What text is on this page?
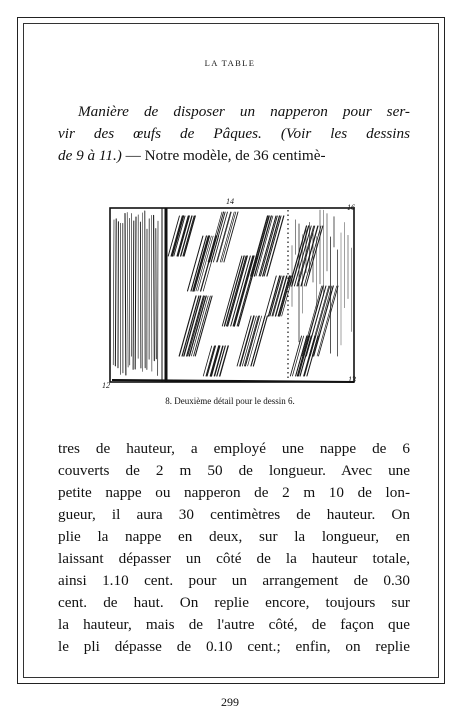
LA TABLE

Manière de disposer un napperon pour ser-
vir des œufs de Pâques. (Voir les dessins
de 9 à 11.) — Notre modèle, de 36 centimè-

14
16
12
13
8. Deuxième détail pour le dessin 6.

tres de hauteur, a employé une nappe de 6
couverts de 2 m 50 de longueur. Avec une
petite nappe ou napperon de 2 m 10 de lon-
gueur, il aura 30 centimètres de hauteur. On
plie la nappe en deux, sur la longueur, en
laissant dépasser un côté de la hauteur totale,
ainsi 1.10 cent. pour un arrangement de 0.30
cent. de haut. On replie encore, toujours sur
la hauteur, mais de l'autre côté, de façon que
le pli dépasse de 0.10 cent.; enfin, on replie

299
